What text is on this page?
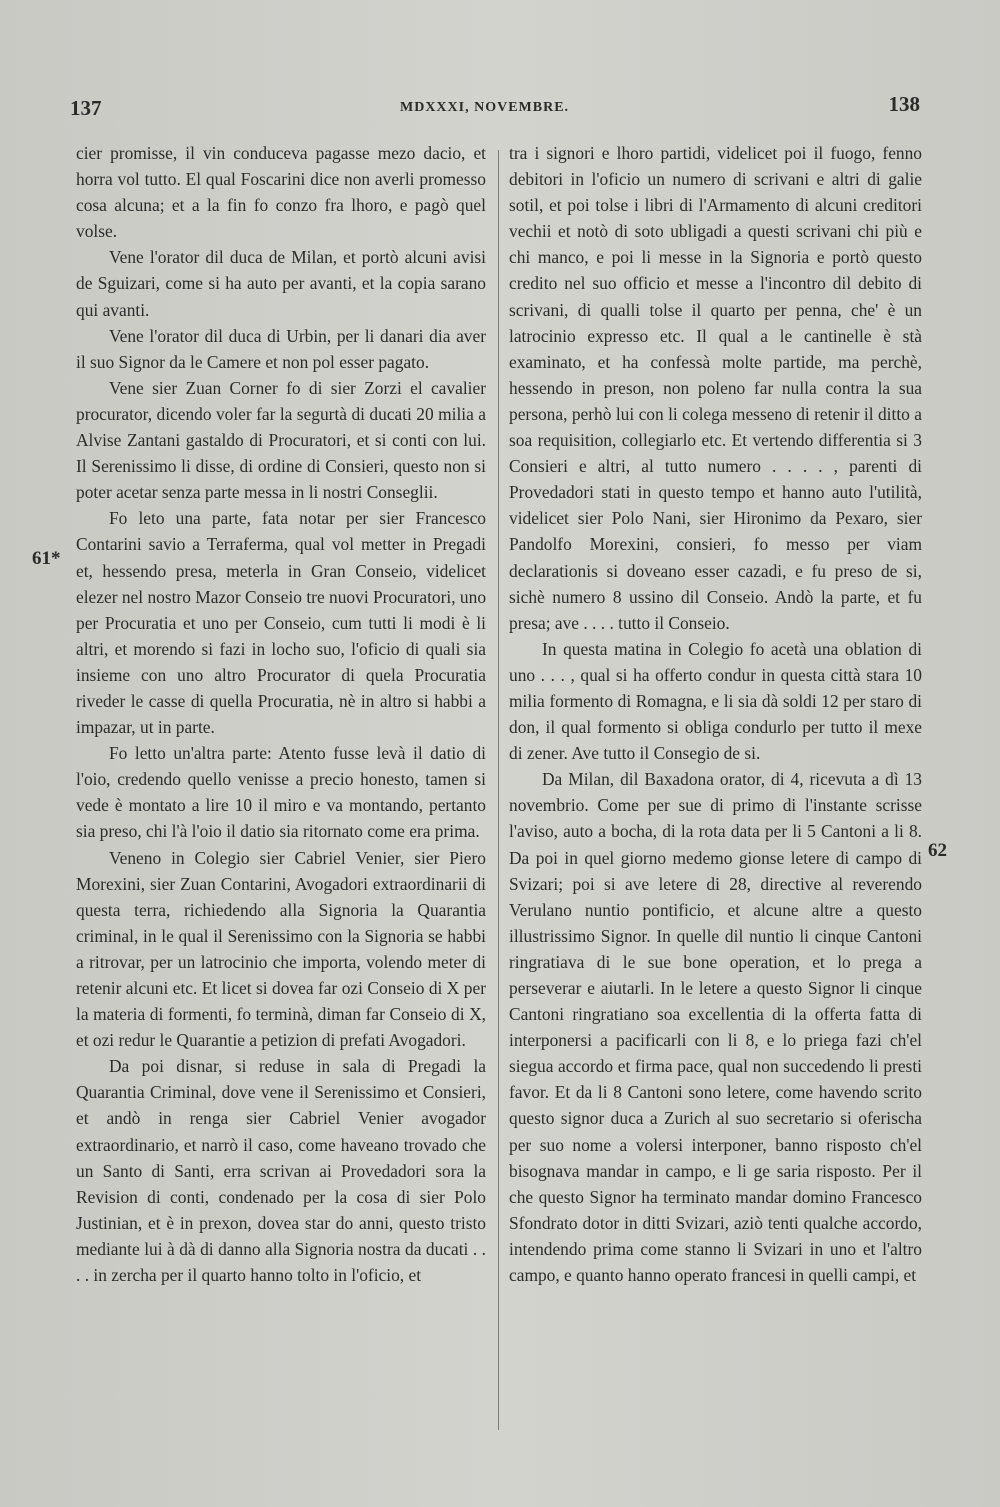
137	MDXXXI, NOVEMBRE.	138
61*
62

cier promisse, il vin conduceva pagasse mezo dacio, et horra vol tutto. El qual Foscarini dice non averli promesso cosa alcuna; et a la fin fo conzo fra lhoro, e pagò quel volse.

Vene l'orator dil duca de Milan, et portò alcuni avisi de Sguizari, come si ha auto per avanti, et la copia sarano qui avanti.

Vene l'orator dil duca di Urbin, per li danari dia aver il suo Signor da le Camere et non pol esser pagato.

Vene sier Zuan Corner fo di sier Zorzi el cavalier procurator, dicendo voler far la segurtà di ducati 20 milia a Alvise Zantani gastaldo di Procuratori, et si conti con lui. Il Serenissimo li disse, di ordine di Consieri, questo non si poter acetar senza parte messa in li nostri Conseglii.

Fo leto una parte, fata notar per sier Francesco Contarini savio a Terraferma, qual vol metter in Pregadi et, hessendo presa, meterla in Gran Conseio, videlicet elezer nel nostro Mazor Conseio tre nuovi Procuratori, uno per Procuratia et uno per Conseio, cum tutti li modi è li altri, et morendo si fazi in locho suo, l'oficio di quali sia insieme con uno altro Procurator di quela Procuratia riveder le casse di quella Procuratia, nè in altro si habbi a impazar, ut in parte.

Fo letto un'altra parte: Atento fusse levà il datio di l'oio, credendo quello venisse a precio honesto, tamen si vede è montato a lire 10 il miro e va montando, pertanto sia preso, chi l'à l'oio il datio sia ritornato come era prima.

Veneno in Colegio sier Cabriel Venier, sier Piero Morexini, sier Zuan Contarini, Avogadori extraordinarii di questa terra, richiedendo alla Signoria la Quarantia criminal, in le qual il Serenissimo con la Signoria se habbi a ritrovar, per un latrocinio che importa, volendo meter di retenir alcuni etc. Et licet si dovea far ozi Conseio di X per la materia di formenti, fo terminà, diman far Conseio di X, et ozi redur le Quarantie a petizion di prefati Avogadori.

Da poi disnar, si reduse in sala di Pregadi la Quarantia Criminal, dove vene il Serenissimo et Consieri, et andò in renga sier Cabriel Venier avogador extraordinario, et narrò il caso, come haveano trovado che un Santo di Santi, erra scrivan ai Provedadori sora la Revision di conti, condenado per la cosa di sier Polo Justinian, et è in prexon, dovea star do anni, questo tristo mediante lui à dà di danno alla Signoria nostra da ducati . . . . in zercha per il quarto hanno tolto in l'oficio, et

tra i signori e lhoro partidi, videlicet poi il fuogo, fenno debitori in l'oficio un numero di scrivani e altri di galie sotil, et poi tolse i libri di l'Armamento di alcuni creditori vechii et notò di soto ubligadi a questi scrivani chi più e chi manco, e poi li messe in la Signoria e portò questo credito nel suo officio et messe a l'incontro dil debito di scrivani, di qualli tolse il quarto per penna, che' è un latrocinio expresso etc. Il qual a le cantinelle è stà examinato, et ha confessà molte partide, ma perchè, hessendo in preson, non poleno far nulla contra la sua persona, perhò lui con li colega messeno di retenir il ditto a soa requisition, collegiarlo etc. Et vertendo differentia si 3 Consieri e altri, al tutto numero . . . . , parenti di Provedadori stati in questo tempo et hanno auto l'utilità, videlicet sier Polo Nani, sier Hironimo da Pexaro, sier Pandolfo Morexini, consieri, fo messo per viam declarationis si doveano esser cazadi, e fu preso de si, sichè numero 8 ussino dil Conseio. Andò la parte, et fu presa; ave . . . . tutto il Conseio.

In questa matina in Colegio fo acetà una oblation di uno . . . , qual si ha offerto condur in questa città stara 10 milia formento di Romagna, e li sia dà soldi 12 per staro di don, il qual formento si obliga condurlo per tutto il mexe di zener. Ave tutto il Consegio de si.

Da Milan, dil Baxadona orator, di 4, ricevuta a dì 13 novembrio. Come per sue di primo di l'instante scrisse l'aviso, auto a bocha, di la rota data per li 5 Cantoni a li 8. Da poi in quel giorno medemo gionse letere di campo di Svizari; poi si ave letere di 28, directive al reverendo Verulano nuntio pontificio, et alcune altre a questo illustrissimo Signor. In quelle dil nuntio li cinque Cantoni ringratiava di le sue bone operation, et lo prega a perseverar e aiutarli. In le letere a questo Signor li cinque Cantoni ringratiano soa excellentia di la offerta fatta di interponersi a pacificarli con li 8, e lo priega fazi ch'el siegua accordo et firma pace, qual non succedendo li presti favor. Et da li 8 Cantoni sono letere, come havendo scrito questo signor duca a Zurich al suo secretario si oferischa per suo nome a volersi interponer, banno risposto ch'el bisognava mandar in campo, e li ge saria risposto. Per il che questo Signor ha terminato mandar domino Francesco Sfondrato dotor in ditti Svizari, aziò tenti qualche accordo, intendendo prima come stanno li Svizari in uno et l'altro campo, e quanto hanno operato francesi in quelli campi, et
